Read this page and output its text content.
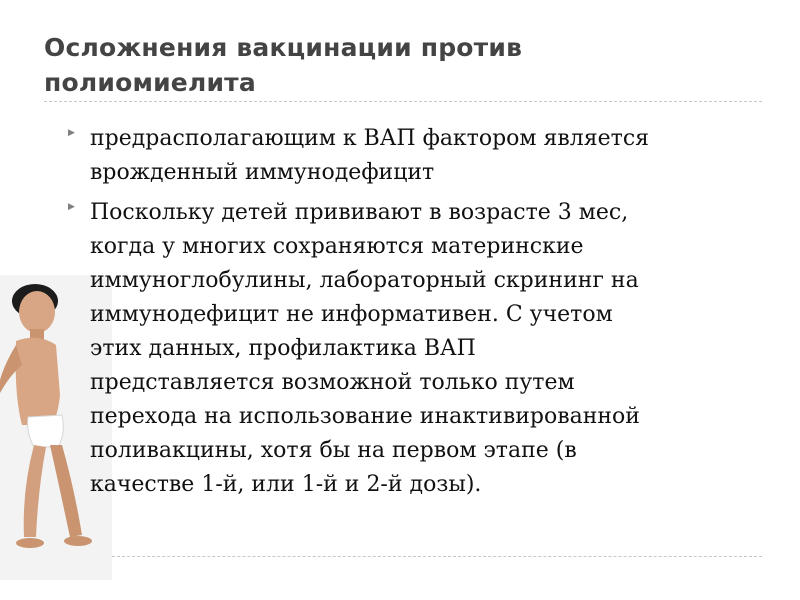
Осложнения вакцинации против
полиомиелита
▶ предрасполагающим к ВАП фактором является
врожденный иммунодефицит
▶ Поскольку детей прививают в возрасте 3 мес,
когда у многих сохраняются материнские
иммуноглобулины, лабораторный скрининг на
иммунодефицит не информативен. С учетом
этих данных, профилактика ВАП
представляется возможной только путем
перехода на использование инактивированной
поливакцины, хотя бы на первом этапе (в
качестве 1-й, или 1-й и 2-й дозы).
